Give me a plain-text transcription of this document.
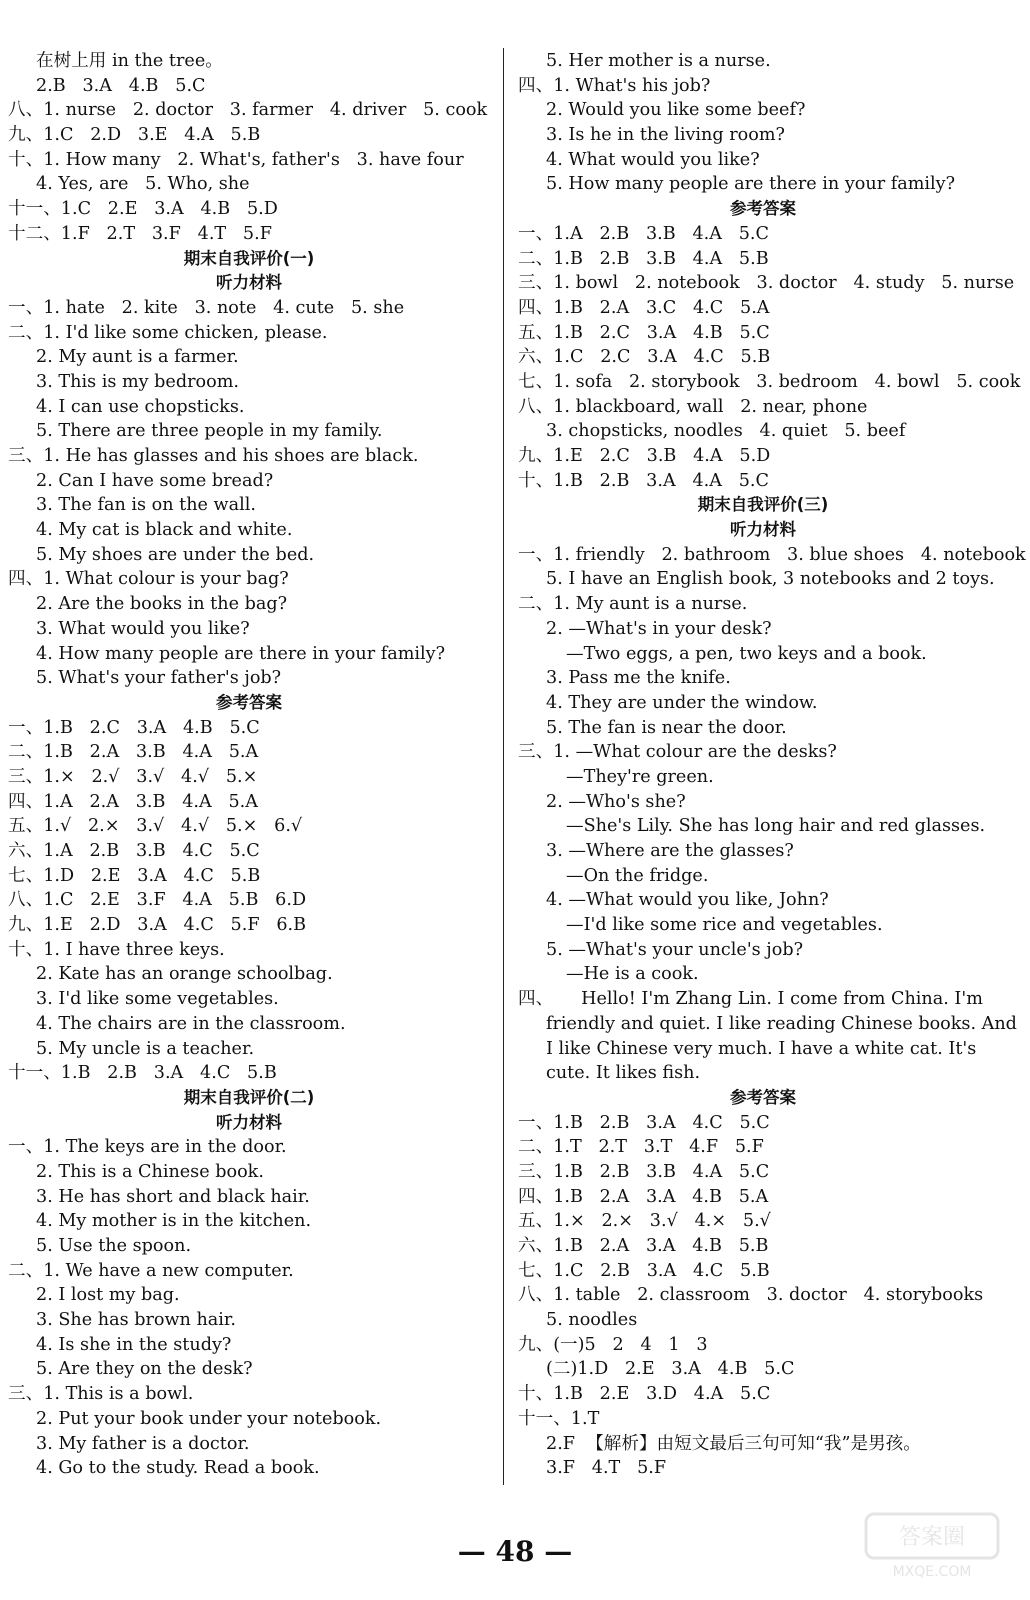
在树上用 in the tree。
2.B   3.A   4.B   5.C
八、1. nurse   2. doctor   3. farmer   4. driver   5. cook
九、1.C   2.D   3.E   4.A   5.B
十、1. How many   2. What's, father's   3. have four
4. Yes, are   5. Who, she
十一、1.C   2.E   3.A   4.B   5.D
十二、1.F   2.T   3.F   4.T   5.F
期末自我评价(一)
听力材料
一、1. hate   2. kite   3. note   4. cute   5. she
二、1. I'd like some chicken, please.
2. My aunt is a farmer.
3. This is my bedroom.
4. I can use chopsticks.
5. There are three people in my family.
三、1. He has glasses and his shoes are black.
2. Can I have some bread?
3. The fan is on the wall.
4. My cat is black and white.
5. My shoes are under the bed.
四、1. What colour is your bag?
2. Are the books in the bag?
3. What would you like?
4. How many people are there in your family?
5. What's your father's job?
参考答案
一、1.B   2.C   3.A   4.B   5.C
二、1.B   2.A   3.B   4.A   5.A
三、1.×   2.√   3.√   4.√   5.×
四、1.A   2.A   3.B   4.A   5.A
五、1.√   2.×   3.√   4.√   5.×   6.√
六、1.A   2.B   3.B   4.C   5.C
七、1.D   2.E   3.A   4.C   5.B
八、1.C   2.E   3.F   4.A   5.B   6.D
九、1.E   2.D   3.A   4.C   5.F   6.B
十、1. I have three keys.
2. Kate has an orange schoolbag.
3. I'd like some vegetables.
4. The chairs are in the classroom.
5. My uncle is a teacher.
十一、1.B   2.B   3.A   4.C   5.B
期末自我评价(二)
听力材料
一、1. The keys are in the door.
2. This is a Chinese book.
3. He has short and black hair.
4. My mother is in the kitchen.
5. Use the spoon.
二、1. We have a new computer.
2. I lost my bag.
3. She has brown hair.
4. Is she in the study?
5. Are they on the desk?
三、1. This is a bowl.
2. Put your book under your notebook.
3. My father is a doctor.
4. Go to the study. Read a book.
5. Her mother is a nurse.
四、1. What's his job?
2. Would you like some beef?
3. Is he in the living room?
4. What would you like?
5. How many people are there in your family?
参考答案
一、1.A   2.B   3.B   4.A   5.C
二、1.B   2.B   3.B   4.A   5.B
三、1. bowl   2. notebook   3. doctor   4. study   5. nurse
四、1.B   2.A   3.C   4.C   5.A
五、1.B   2.C   3.A   4.B   5.C
六、1.C   2.C   3.A   4.C   5.B
七、1. sofa   2. storybook   3. bedroom   4. bowl   5. cook
八、1. blackboard, wall   2. near, phone
3. chopsticks, noodles   4. quiet   5. beef
九、1.E   2.C   3.B   4.A   5.D
十、1.B   2.B   3.A   4.A   5.C
期末自我评价(三)
听力材料
一、1. friendly   2. bathroom   3. blue shoes   4. notebook
5. I have an English book, 3 notebooks and 2 toys.
二、1. My aunt is a nurse.
2. —What's in your desk?
—Two eggs, a pen, two keys and a book.
3. Pass me the knife.
4. They are under the window.
5. The fan is near the door.
三、1. —What colour are the desks?
—They're green.
2. —Who's she?
—She's Lily. She has long hair and red glasses.
3. —Where are the glasses?
—On the fridge.
4. —What would you like, John?
—I'd like some rice and vegetables.
5. —What's your uncle's job?
—He is a cook.
四、     Hello! I'm Zhang Lin. I come from China. I'm
friendly and quiet. I like reading Chinese books. And
I like Chinese very much. I have a white cat. It's
cute. It likes fish.
参考答案
一、1.B   2.B   3.A   4.C   5.C
二、1.T   2.T   3.T   4.F   5.F
三、1.B   2.B   3.B   4.A   5.C
四、1.B   2.A   3.A   4.B   5.A
五、1.×   2.×   3.√   4.×   5.√
六、1.B   2.A   3.A   4.B   5.B
七、1.C   2.B   3.A   4.C   5.B
八、1. table   2. classroom   3. doctor   4. storybooks
5. noodles
九、(一)5   2   4   1   3
(二)1.D   2.E   3.A   4.B   5.C
十、1.B   2.E   3.D   4.A   5.C
十一、1.T
2.F  【解析】由短文最后三句可知“我”是男孩。
3.F   4.T   5.F
— 48 —	答案圈
MXQE.COM
